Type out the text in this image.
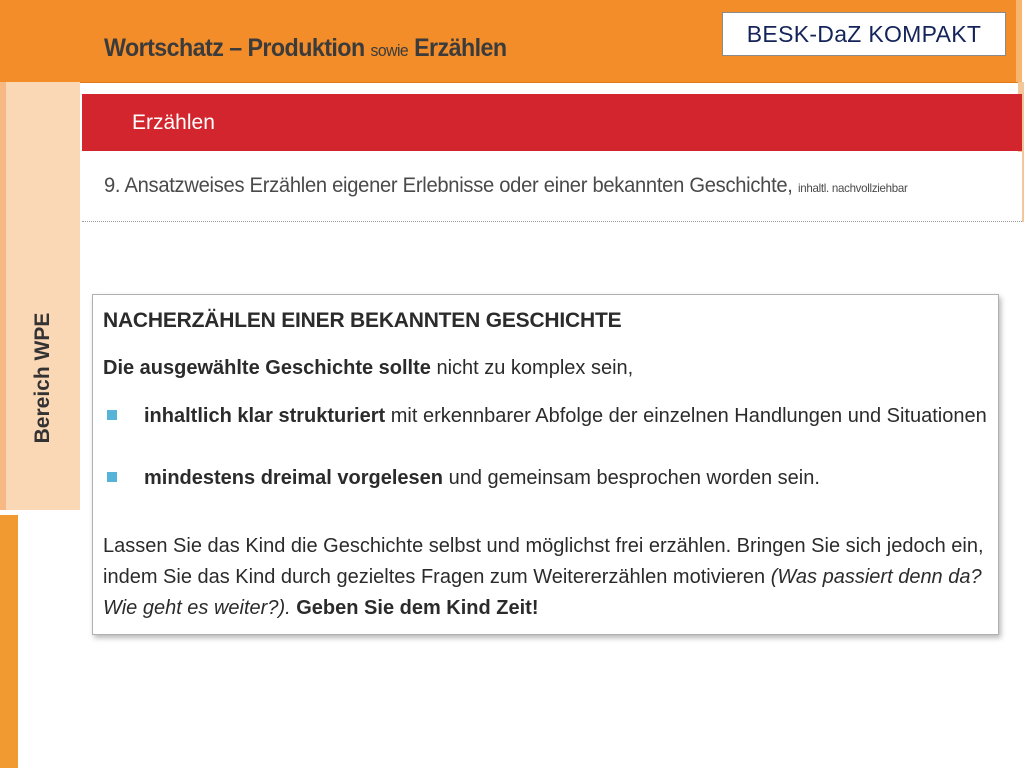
Wortschatz – Produktion sowie Erzählen	BESK-DaZ KOMPAKT
Bereich WPE
Erzählen
9. Ansatzweises Erzählen eigener Erlebnisse oder einer bekannten Geschichte, inhaltl. nachvollziehbar
NACHERZÄHLEN EINER BEKANNTEN GESCHICHTE
Die ausgewählte Geschichte sollte nicht zu komplex sein,
inhaltlich klar strukturiert mit erkennbarer Abfolge der einzelnen Handlungen und Situationen
mindestens dreimal vorgelesen und gemeinsam besprochen worden sein.
Lassen Sie das Kind die Geschichte selbst und möglichst frei erzählen. Bringen Sie sich jedoch ein, indem Sie das Kind durch gezieltes Fragen zum Weitererzählen motivieren (Was passiert denn da? Wie geht es weiter?). Geben Sie dem Kind Zeit!
